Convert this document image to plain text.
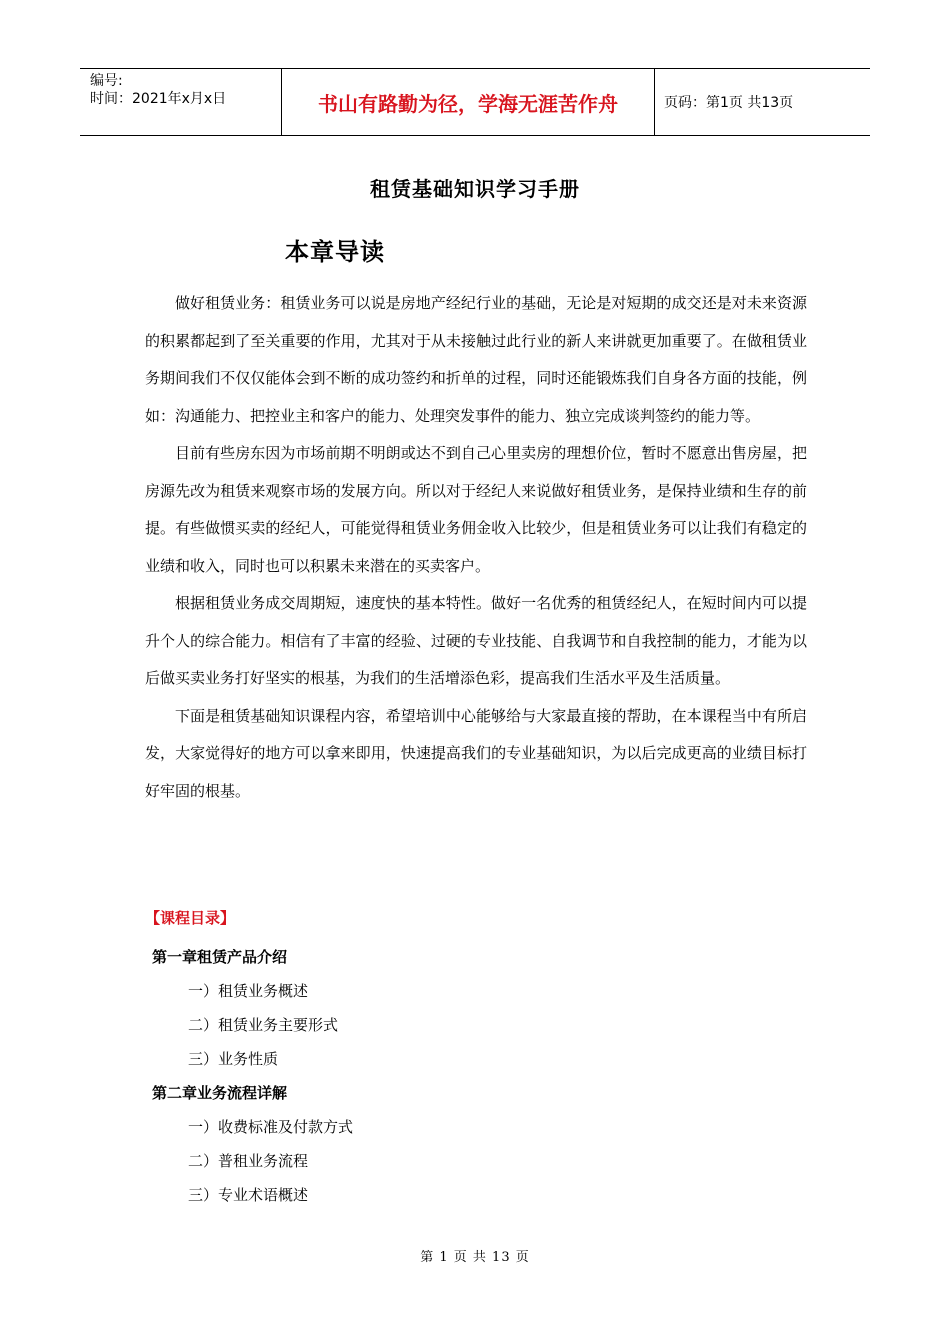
编号:
时间：2021年x月x日	书山有路勤为径，学海无涯苦作舟	页码：第1页 共13页
租赁基础知识学习手册
本章导读

做好租赁业务：租赁业务可以说是房地产经纪行业的基础，无论是对短期的成交还是对未来资源的积累都起到了至关重要的作用，尤其对于从未接触过此行业的新人来讲就更加重要了。在做租赁业务期间我们不仅仅能体会到不断的成功签约和折单的过程，同时还能锻炼我们自身各方面的技能，例如：沟通能力、把控业主和客户的能力、处理突发事件的能力、独立完成谈判签约的能力等。

目前有些房东因为市场前期不明朗或达不到自己心里卖房的理想价位，暂时不愿意出售房屋，把房源先改为租赁来观察市场的发展方向。所以对于经纪人来说做好租赁业务，是保持业绩和生存的前提。有些做惯买卖的经纪人，可能觉得租赁业务佣金收入比较少，但是租赁业务可以让我们有稳定的业绩和收入，同时也可以积累未来潜在的买卖客户。

根据租赁业务成交周期短，速度快的基本特性。做好一名优秀的租赁经纪人，在短时间内可以提升个人的综合能力。相信有了丰富的经验、过硬的专业技能、自我调节和自我控制的能力，才能为以后做买卖业务打好坚实的根基，为我们的生活增添色彩，提高我们生活水平及生活质量。

下面是租赁基础知识课程内容，希望培训中心能够给与大家最直接的帮助，在本课程当中有所启发，大家觉得好的地方可以拿来即用，快速提高我们的专业基础知识，为以后完成更高的业绩目标打好牢固的根基。

【课程目录】
第一章租赁产品介绍
一）租赁业务概述
二）租赁业务主要形式
三）业务性质
第二章业务流程详解
一）收费标准及付款方式
二）普租业务流程
三）专业术语概述
第 1 页 共 13 页
